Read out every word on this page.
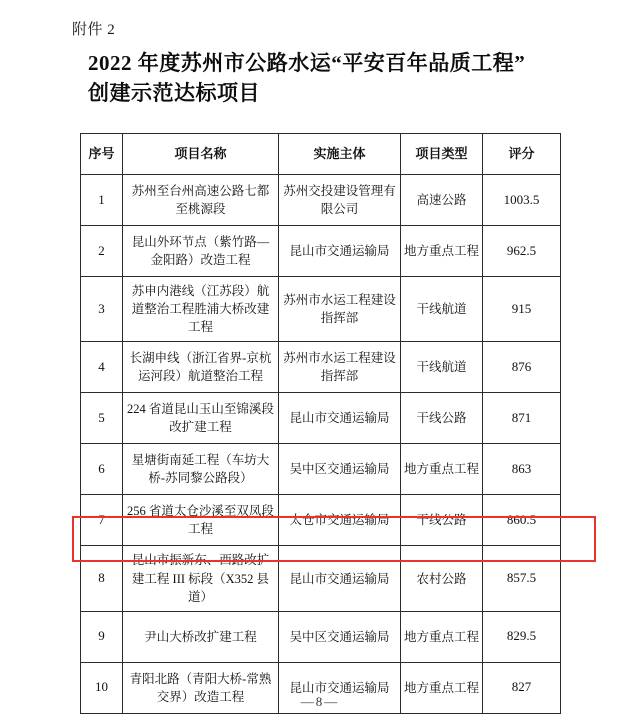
附件 2
2022 年度苏州市公路水运“平安百年品质工程”
创建示范达标项目
序号	项目名称	实施主体	项目类型	评分
1	苏州至台州高速公路七都至桃源段	苏州交投建设管理有限公司	高速公路	1003.5
2	昆山外环节点（紫竹路—金阳路）改造工程	昆山市交通运输局	地方重点工程	962.5
3	苏申内港线（江苏段）航道整治工程胜浦大桥改建工程	苏州市水运工程建设指挥部	干线航道	915
4	长湖申线（浙江省界-京杭运河段）航道整治工程	苏州市水运工程建设指挥部	干线航道	876
5	224 省道昆山玉山至锦溪段改扩建工程	昆山市交通运输局	干线公路	871
6	星塘街南延工程（车坊大桥-苏同黎公路段）	吴中区交通运输局	地方重点工程	863
7	256 省道太仓沙溪至双凤段工程	太仓市交通运输局	干线公路	860.5
8	昆山市振新东、西路改扩建工程 III 标段（X352 县道）	昆山市交通运输局	农村公路	857.5
9	尹山大桥改扩建工程	吴中区交通运输局	地方重点工程	829.5
10	青阳北路（青阳大桥-常熟交界）改造工程	昆山市交通运输局	地方重点工程	827
—8—
